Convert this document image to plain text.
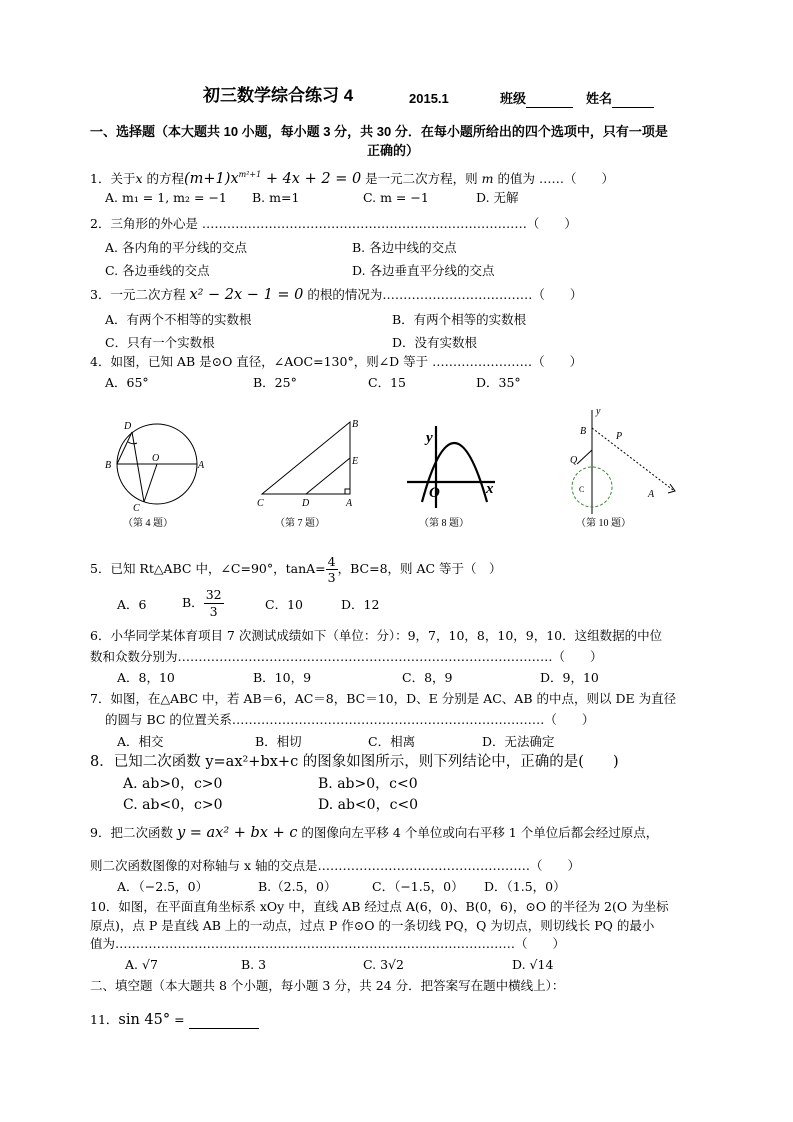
初三数学综合练习 4	2015.1	班级	姓名
一、选择题（本大题共 10 小题，每小题 3 分，共 30 分．在每小题所给出的四个选项中，只有一项是
正确的）
1．关于x 的方程$(m+1)x^{m^2+1} + 4x + 2 = 0$ 是一元二次方程，则 m 的值为 ……（　　）
A. m₁ = 1, m₂ = −1 B. m=1	C. m = −1	D. 无解
2．三角形的外心是 ……………………………………………………………………（　　）
A. 各内角的平分线的交点	B. 各边中线的交点
C. 各边垂线的交点	D. 各边垂直平分线的交点
3．一元二次方程 x² − 2x − 1 = 0 的根的情况为………………………………（　　）
A．有两个不相等的实数根	B．有两个相等的实数根
C．只有一个实数根	D．没有实数根
4．如图，已知 AB 是⊙O 直径，∠AOC=130°，则∠D 等于 ……………………（　　）
A．65°	B．25°	C．15	D．35°
D
B
O
A
C
（第 4 题）
B
E
C	D	A
（第 7 题）
y
O	x
（第 8 题）
y
B	P
Q
C	A
（第 10 题）
5．已知 Rt△ABC 中，∠C=90°，$\tan A= \frac{4}{3}$ ，BC=8，则 AC 等于（　）
A．6	B． $\frac{32}{3}$	C．10	D．12
6．小华同学某体育项目 7 次测试成绩如下（单位：分）：9，7，10，8，10，9，10．这组数据的中位
数和众数分别为………………………………………………………………………………（　　）
A．8，10	B．10，9	C．8，9	D．9，10
7．如图，在△ABC 中，若 AB＝6，AC＝8，BC＝10，D、E 分别是 AC、AB 的中点，则以 DE 为直径
的圆与 BC 的位置关系…………………………………………………………………（　　）
A．相交	B．相切	C．相离	D．无法确定
8．已知二次函数 y=ax²+bx+c 的图象如图所示，则下列结论中，正确的是(　　)
A. ab>0，c>0	B. ab>0，c<0
C. ab<0，c>0	D. ab<0，c<0
9．把二次函数 y = ax² + bx + c 的图像向左平移 4 个单位或向右平移 1 个单位后都会经过原点，
则二次函数图像的对称轴与 x 轴的交点是……………………………………………（　　）
A．（−2.5，0）	B.（2.5，0）	C．（−1.5，0） D．（1.5，0）
10．如图，在平面直角坐标系 xOy 中，直线 AB 经过点 A(6，0)、B(0，6)，⊙O 的半径为 2(O 为坐标
原点)，点 P 是直线 AB 上的一动点，过点 P 作⊙O 的一条切线 PQ，Q 为切点，则切线长 PQ 的最小
值为……………………………………………………………………………………（　　）
A. √7	B. 3	C. 3√2	D. √14
二、填空题（本大题共 8 个小题，每小题 3 分，共 24 分．把答案写在题中横线上）：
11．sin 45° =
